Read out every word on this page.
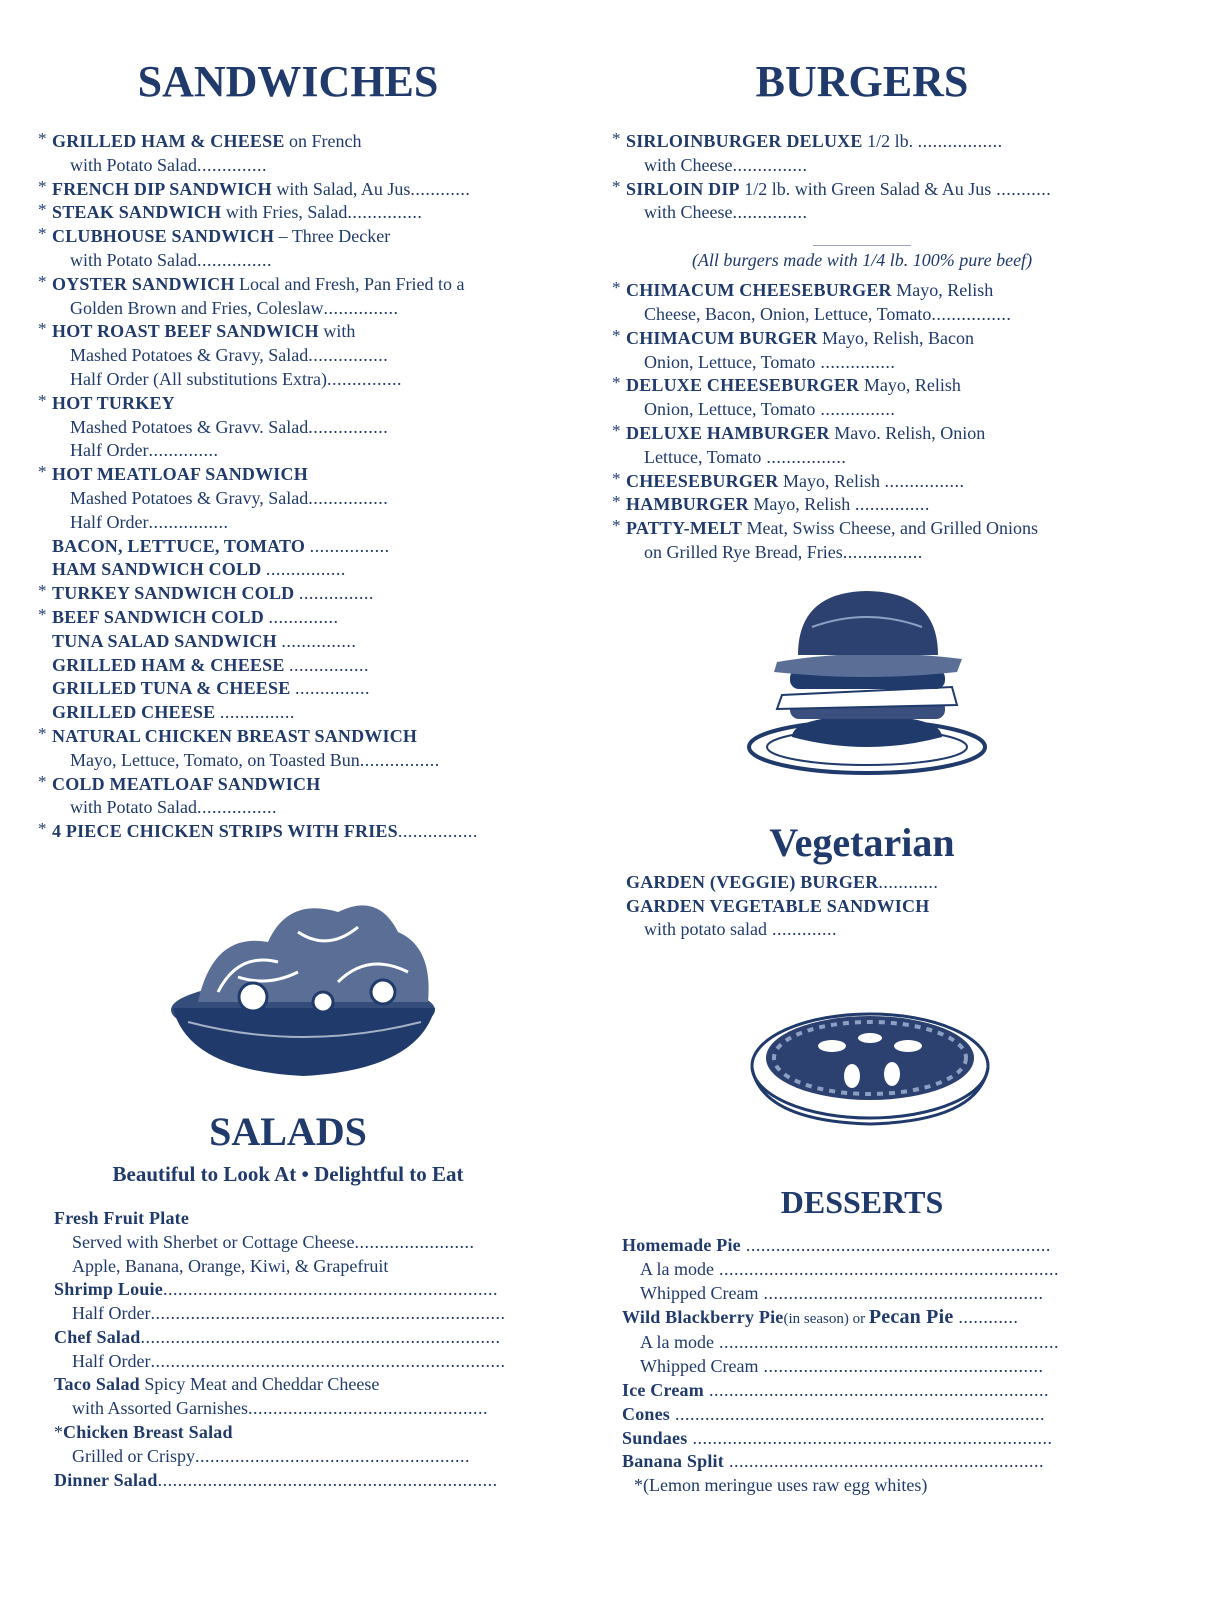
SANDWICHES
* GRILLED HAM & CHEESE on French
with Potato Salad..............
* FRENCH DIP SANDWICH with Salad, Au Jus............
* STEAK SANDWICH with Fries, Salad...............
* CLUBHOUSE SANDWICH – Three Decker
with Potato Salad...............
* OYSTER SANDWICH Local and Fresh, Pan Fried to a
Golden Brown and Fries, Coleslaw...............
* HOT ROAST BEEF SANDWICH with
Mashed Potatoes & Gravy, Salad................
Half Order (All substitutions Extra)...............
* HOT TURKEY
Mashed Potatoes & Gravv. Salad................
Half Order..............
* HOT MEATLOAF SANDWICH
Mashed Potatoes & Gravy, Salad................
Half Order................
BACON, LETTUCE, TOMATO ................
HAM SANDWICH COLD ................
* TURKEY SANDWICH COLD ...............
* BEEF SANDWICH COLD ..............
TUNA SALAD SANDWICH ...............
GRILLED HAM & CHEESE ................
GRILLED TUNA & CHEESE ...............
GRILLED CHEESE ...............
* NATURAL CHICKEN BREAST SANDWICH
Mayo, Lettuce, Tomato, on Toasted Bun................
* COLD MEATLOAF SANDWICH
with Potato Salad................
* 4 PIECE CHICKEN STRIPS WITH FRIES................
SALADS

Beautiful to Look At • Delightful to Eat

Fresh Fruit Plate
Served with Sherbet or Cottage Cheese........................
Apple, Banana, Orange, Kiwi, & Grapefruit
Shrimp Louie...................................................................
Half Order.......................................................................
Chef Salad........................................................................
Half Order.......................................................................
Taco Salad Spicy Meat and Cheddar Cheese
with Assorted Garnishes................................................
*Chicken Breast Salad
Grilled or Crispy.......................................................
Dinner Salad....................................................................
BURGERS
* SIRLOINBURGER DELUXE 1/2 lb. .................
with Cheese...............
* SIRLOIN DIP 1/2 lb. with Green Salad & Au Jus ...........
with Cheese...............
(All burgers made with 1/4 lb. 100% pure beef)
* CHIMACUM CHEESEBURGER Mayo, Relish
Cheese, Bacon, Onion, Lettuce, Tomato................
* CHIMACUM BURGER Mayo, Relish, Bacon
Onion, Lettuce, Tomato ...............
* DELUXE CHEESEBURGER Mayo, Relish
Onion, Lettuce, Tomato ...............
* DELUXE HAMBURGER Mavo. Relish, Onion
Lettuce, Tomato ................
* CHEESEBURGER Mayo, Relish ................
* HAMBURGER Mayo, Relish ...............
* PATTY-MELT Meat, Swiss Cheese, and Grilled Onions
on Grilled Rye Bread, Fries................
Vegetarian
GARDEN (VEGGIE) BURGER............
GARDEN VEGETABLE SANDWICH
with potato salad .............
DESSERTS
Homemade Pie .............................................................
A la mode ....................................................................
Whipped Cream ........................................................
Wild Blackberry Pie(in season) or Pecan Pie ............
A la mode ....................................................................
Whipped Cream ........................................................
Ice Cream ....................................................................
Cones ..........................................................................
Sundaes ........................................................................
Banana Split ...............................................................
*(Lemon meringue uses raw egg whites)
